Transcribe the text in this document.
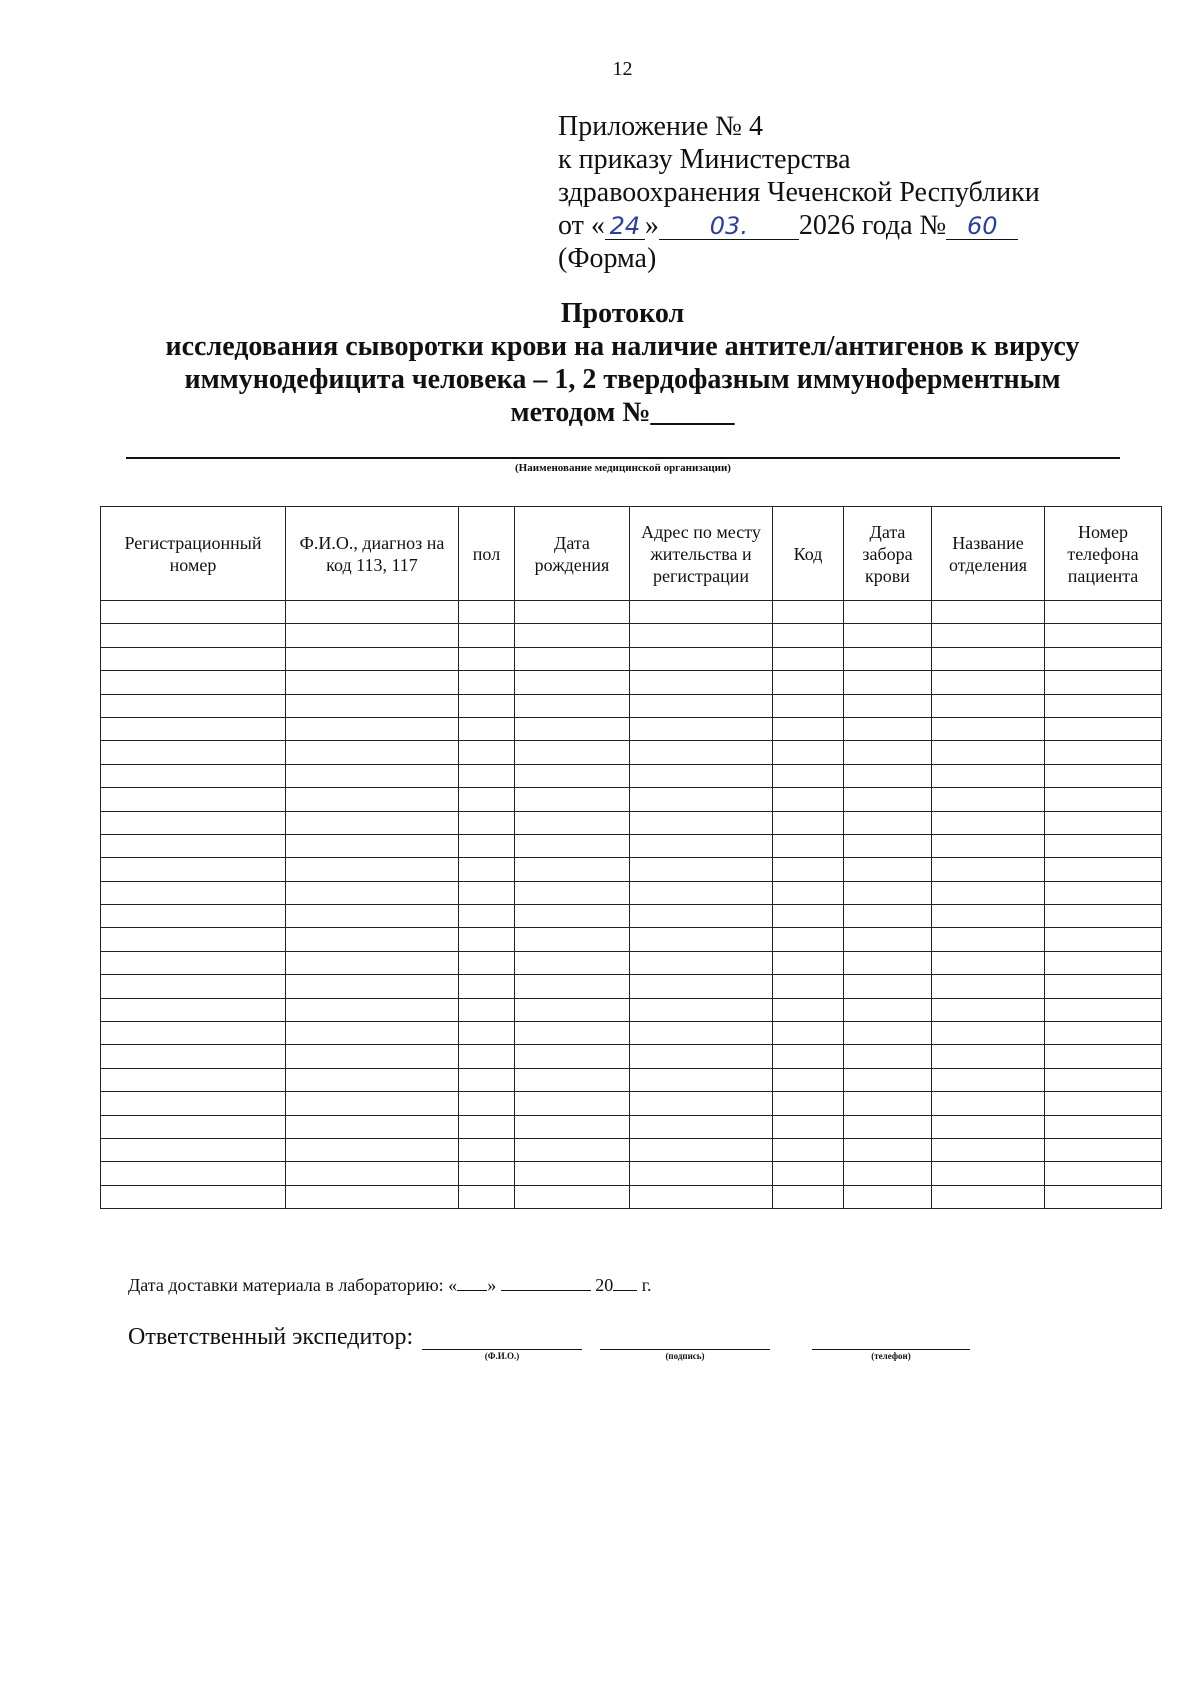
12
Приложение № 4
к приказу Министерства
здравоохранения Чеченской Республики
от « 24 » 03. 2026 года № 60
(Форма)
Протокол
исследования сыворотки крови на наличие антител/антигенов к вирусу
иммунодефицита человека – 1, 2 твердофазным иммуноферментным
методом №______
(Наименование медицинской организации)
Регистрационный номер	Ф.И.О., диагноз на код 113, 117	пол	Дата рождения	Адрес по месту жительства и регистрации	Код	Дата забора крови	Название отделения	Номер телефона пациента

Дата доставки материала в лабораторию: « »	20 г.
Ответственный экспедитор:
(Ф.И.О.)	(подпись)	(телефон)
